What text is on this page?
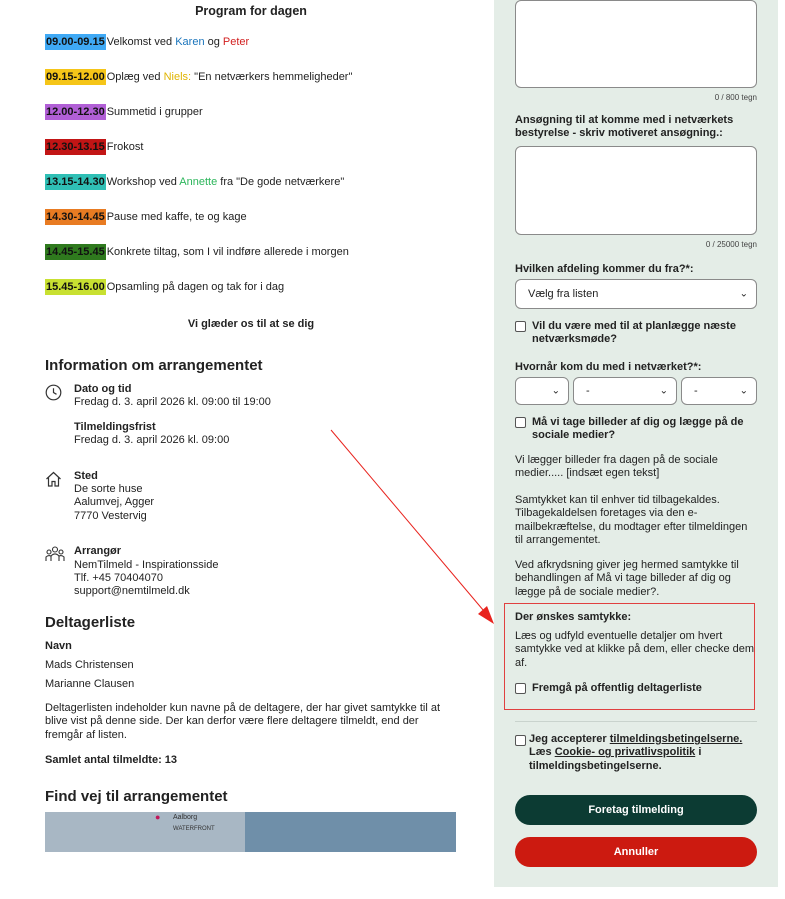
Program for dagen
09.00-09.15 Velkomst ved Karen og Peter
09.15-12.00 Oplæg ved Niels: "En netværkers hemmeligheder"
12.00-12.30 Summetid i grupper
12.30-13.15 Frokost
13.15-14.30 Workshop ved Annette fra "De gode netværkere"
14.30-14.45 Pause med kaffe, te og kage
14.45-15.45 Konkrete tiltag, som I vil indføre allerede i morgen
15.45-16.00 Opsamling på dagen og tak for i dag
Vi glæder os til at se dig
Information om arrangementet
Dato og tid
Fredag d. 3. april 2026 kl. 09:00 til 19:00
Tilmeldingsfrist
Fredag d. 3. april 2026 kl. 09:00
Sted
De sorte huse
Aalumvej, Agger
7770 Vestervig
Arrangør
NemTilmeld - Inspirationsside
Tlf. +45 70404070
support@nemtilmeld.dk
Deltagerliste
Navn
Mads Christensen
Marianne Clausen
Deltagerlisten indeholder kun navne på de deltagere, der har givet samtykke til at blive vist på denne side. Der kan derfor være flere deltagere tilmeldt, end der fremgår af listen.
Samlet antal tilmeldte: 13
Find vej til arrangementet
Aalborg
WATERFRONT
●
0 / 800 tegn
Ansøgning til at komme med i netværkets bestyrelse - skriv motiveret ansøgning.:
0 / 25000 tegn
Hvilken afdeling kommer du fra?*:
Vælg fra listen	⌄
Vil du være med til at planlægge næste netværksmøde?
Hvornår kom du med i netværket?*:
⌄ -	⌄ -	⌄
Må vi tage billeder af dig og lægge på de sociale medier?
Vi lægger billeder fra dagen på de sociale medier..... [indsæt egen tekst]
Samtykket kan til enhver tid tilbagekaldes. Tilbagekaldelsen foretages via den e-mailbekræftelse, du modtager efter tilmeldingen til arrangementet.
Ved afkrydsning giver jeg hermed samtykke til behandlingen af Må vi tage billeder af dig og lægge på de sociale medier?.
Der ønskes samtykke:
Læs og udfyld eventuelle detaljer om hvert samtykke ved at klikke på dem, eller checke dem af.
Fremgå på offentlig deltagerliste
Jeg accepterer tilmeldingsbetingelserne.
Læs Cookie- og privatlivspolitik i tilmeldingsbetingelserne.
Foretag tilmelding
Annuller
